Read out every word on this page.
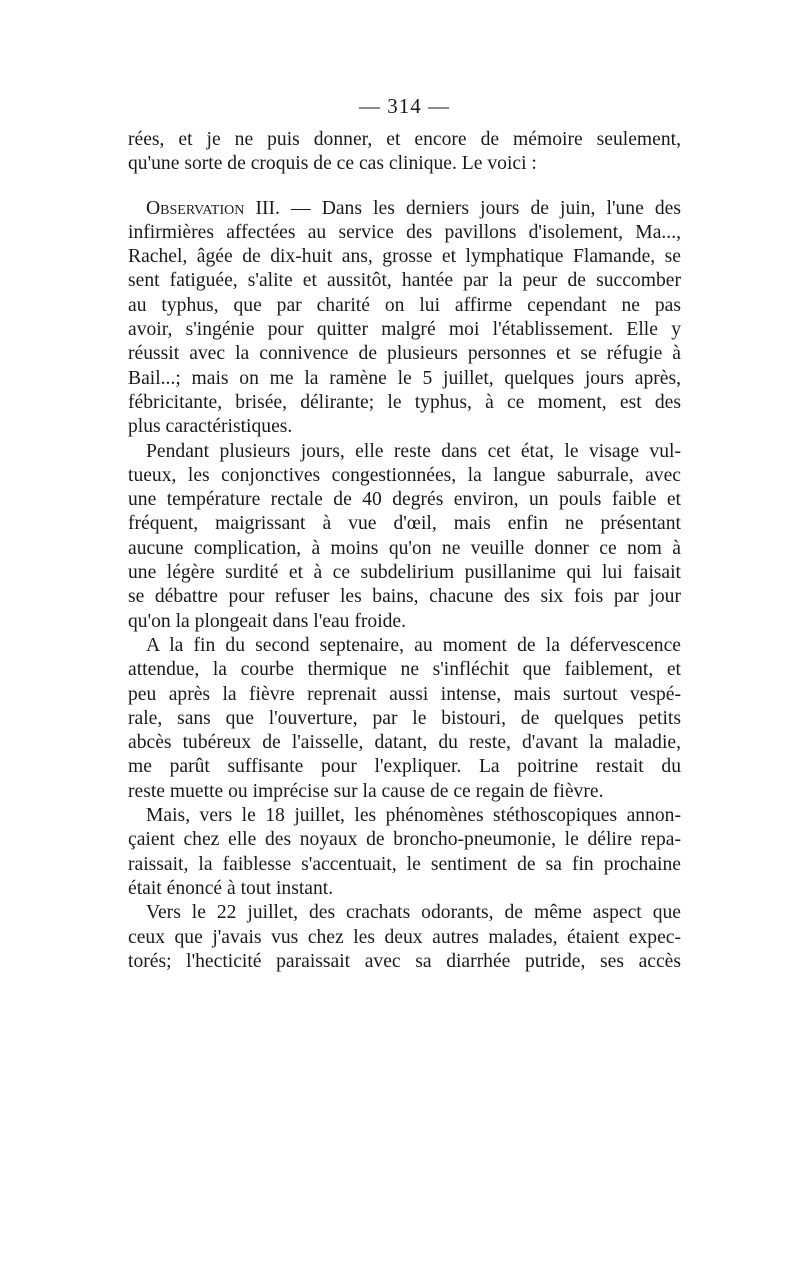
— 314 —
rées, et je ne puis donner, et encore de mémoire seulement,
qu'une sorte de croquis de ce cas clinique. Le voici :
Observation III. — Dans les derniers jours de juin, l'une des
infirmières affectées au service des pavillons d'isolement, Ma...,
Rachel, âgée de dix-huit ans, grosse et lymphatique Flamande, se
sent fatiguée, s'alite et aussitôt, hantée par la peur de succomber
au typhus, que par charité on lui affirme cependant ne pas
avoir, s'ingénie pour quitter malgré moi l'établissement. Elle y
réussit avec la connivence de plusieurs personnes et se réfugie à
Bail...; mais on me la ramène le 5 juillet, quelques jours après,
fébricitante, brisée, délirante; le typhus, à ce moment, est des
plus caractéristiques.
Pendant plusieurs jours, elle reste dans cet état, le visage vul-
tueux, les conjonctives congestionnées, la langue saburrale, avec
une température rectale de 40 degrés environ, un pouls faible et
fréquent, maigrissant à vue d'œil, mais enfin ne présentant
aucune complication, à moins qu'on ne veuille donner ce nom à
une légère surdité et à ce subdelirium pusillanime qui lui faisait
se débattre pour refuser les bains, chacune des six fois par jour
qu'on la plongeait dans l'eau froide.
A la fin du second septenaire, au moment de la défervescence
attendue, la courbe thermique ne s'infléchit que faiblement, et
peu après la fièvre reprenait aussi intense, mais surtout vespé-
rale, sans que l'ouverture, par le bistouri, de quelques petits
abcès tubéreux de l'aisselle, datant, du reste, d'avant la maladie,
me parût suffisante pour l'expliquer. La poitrine restait du
reste muette ou imprécise sur la cause de ce regain de fièvre.
Mais, vers le 18 juillet, les phénomènes stéthoscopiques annon-
çaient chez elle des noyaux de broncho-pneumonie, le délire repa-
raissait, la faiblesse s'accentuait, le sentiment de sa fin prochaine
était énoncé à tout instant.
Vers le 22 juillet, des crachats odorants, de même aspect que
ceux que j'avais vus chez les deux autres malades, étaient expec-
torés; l'hecticité paraissait avec sa diarrhée putride, ses accès
